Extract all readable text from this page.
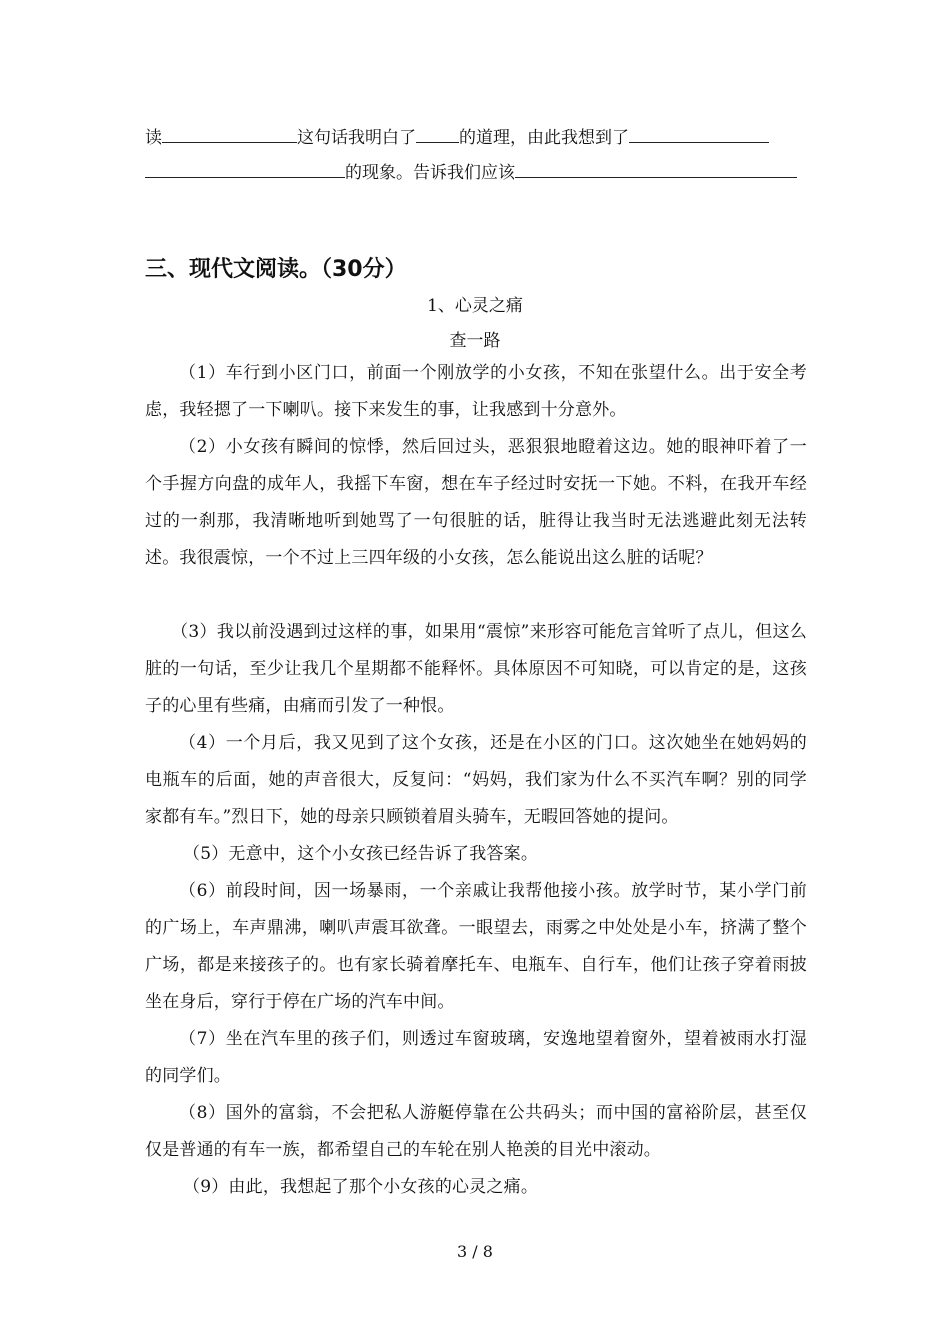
读	这句话我明白了	的道理，由此我想到了
的现象。告诉我们应该
三、现代文阅读。（30分）
1、心灵之痛
查一路
（1）车行到小区门口，前面一个刚放学的小女孩，不知在张望什么。出于安全考虑，我轻摁了一下喇叭。接下来发生的事，让我感到十分意外。
（2）小女孩有瞬间的惊悸，然后回过头，恶狠狠地瞪着这边。她的眼神吓着了一个手握方向盘的成年人，我摇下车窗，想在车子经过时安抚一下她。不料，在我开车经过的一刹那，我清晰地听到她骂了一句很脏的话，脏得让我当时无法逃避此刻无法转述。我很震惊，一个不过上三四年级的小女孩，怎么能说出这么脏的话呢？
（3）我以前没遇到过这样的事，如果用“震惊”来形容可能危言耸听了点儿，但这么脏的一句话，至少让我几个星期都不能释怀。具体原因不可知晓，可以肯定的是，这孩子的心里有些痛，由痛而引发了一种恨。
（4）一个月后，我又见到了这个女孩，还是在小区的门口。这次她坐在她妈妈的电瓶车的后面，她的声音很大，反复问：“妈妈，我们家为什么不买汽车啊？别的同学家都有车。”烈日下，她的母亲只顾锁着眉头骑车，无暇回答她的提问。
（5）无意中，这个小女孩已经告诉了我答案。
（6）前段时间，因一场暴雨，一个亲戚让我帮他接小孩。放学时节，某小学门前的广场上，车声鼎沸，喇叭声震耳欲聋。一眼望去，雨雾之中处处是小车，挤满了整个广场，都是来接孩子的。也有家长骑着摩托车、电瓶车、自行车，他们让孩子穿着雨披坐在身后，穿行于停在广场的汽车中间。
（7）坐在汽车里的孩子们，则透过车窗玻璃，安逸地望着窗外，望着被雨水打湿的同学们。
（8）国外的富翁，不会把私人游艇停靠在公共码头；而中国的富裕阶层，甚至仅仅是普通的有车一族，都希望自己的车轮在别人艳羡的目光中滚动。
（9）由此，我想起了那个小女孩的心灵之痛。
3 / 8
